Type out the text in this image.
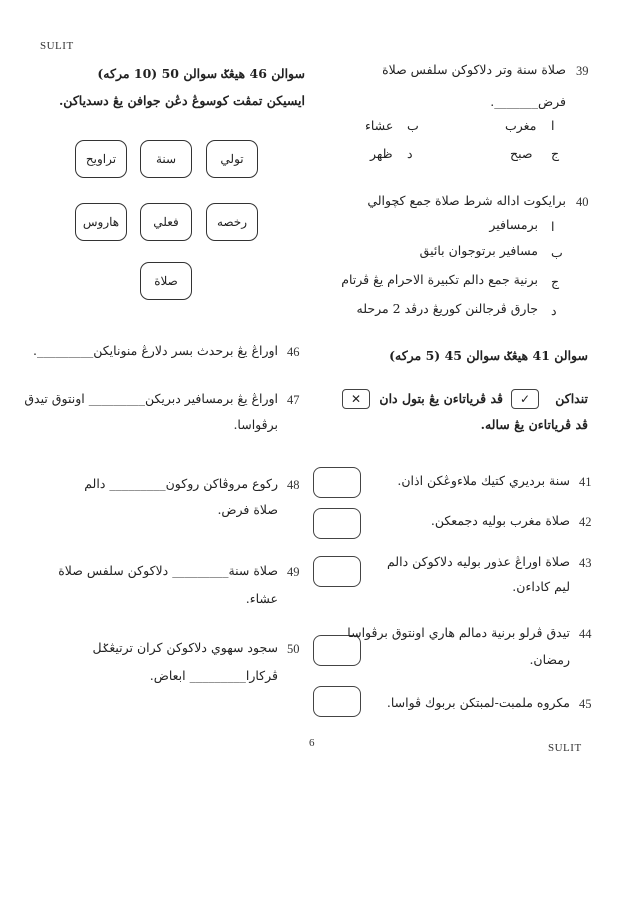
SULIT
SULIT
6
39
صلاة سنة وتر دلاكوكن سلفس صلاة
فرض_______.
ا
مغرب
ب
عشاء
ج
صبح
د
ظهر
40
برايكوت اداله شرط صلاة جمع كچوالي
ا
برمسافير
ب
مسافير برتوجوان بائيق
ج
برنية جمع دالم تكبيرة الاحرام يڠ ڤرتام
د
جارق ڤرجالنن كوريڠ درڤد 2 مرحله
سوالن 41 هيڠݢ سوالن 45 (5 مركه)
تنداكن
✓
ڤد ڤرياتاءن يڠ بتول دان
✕
ڤد ڤرياتاءن يڠ ساله.
41
سنة برديري كتيك ملاءوڠكن اذان.
42
صلاة مغرب بوليه دجمعكن.
43
صلاة اوراڠ عذور بوليه دلاكوكن دالم
ليم كاداءن.
44
تيدق ڤرلو برنية دمالم هاري اونتوق برڤواسا
رمضان.
45
مكروه ملمبت-لمبتكن بربوك ڤواسا.
سوالن 46 هيڠݢ سوالن 50 (10 مركه)
ايسيكن تمڤت كوسوڠ دڠن جوافن يڠ دسدياكن.
تراويح	سنة	تولي
هاروس	فعلي	رخصه
صلاة
46
اوراڠ يڠ برحدث بسر دلارڠ منونايكن_________.
47
اوراڠ يڠ برمسافير دبريكن_________ اونتوق تيدق
برڤواسا.
48
ركوع مروڤاكن روكون_________ دالم
صلاة فرض.
49
صلاة سنة_________ دلاكوكن سلفس صلاة
عشاء.
50
سجود سهوي دلاكوكن كران ترتيڠݢل
ڤركارا_________ ابعاض.
